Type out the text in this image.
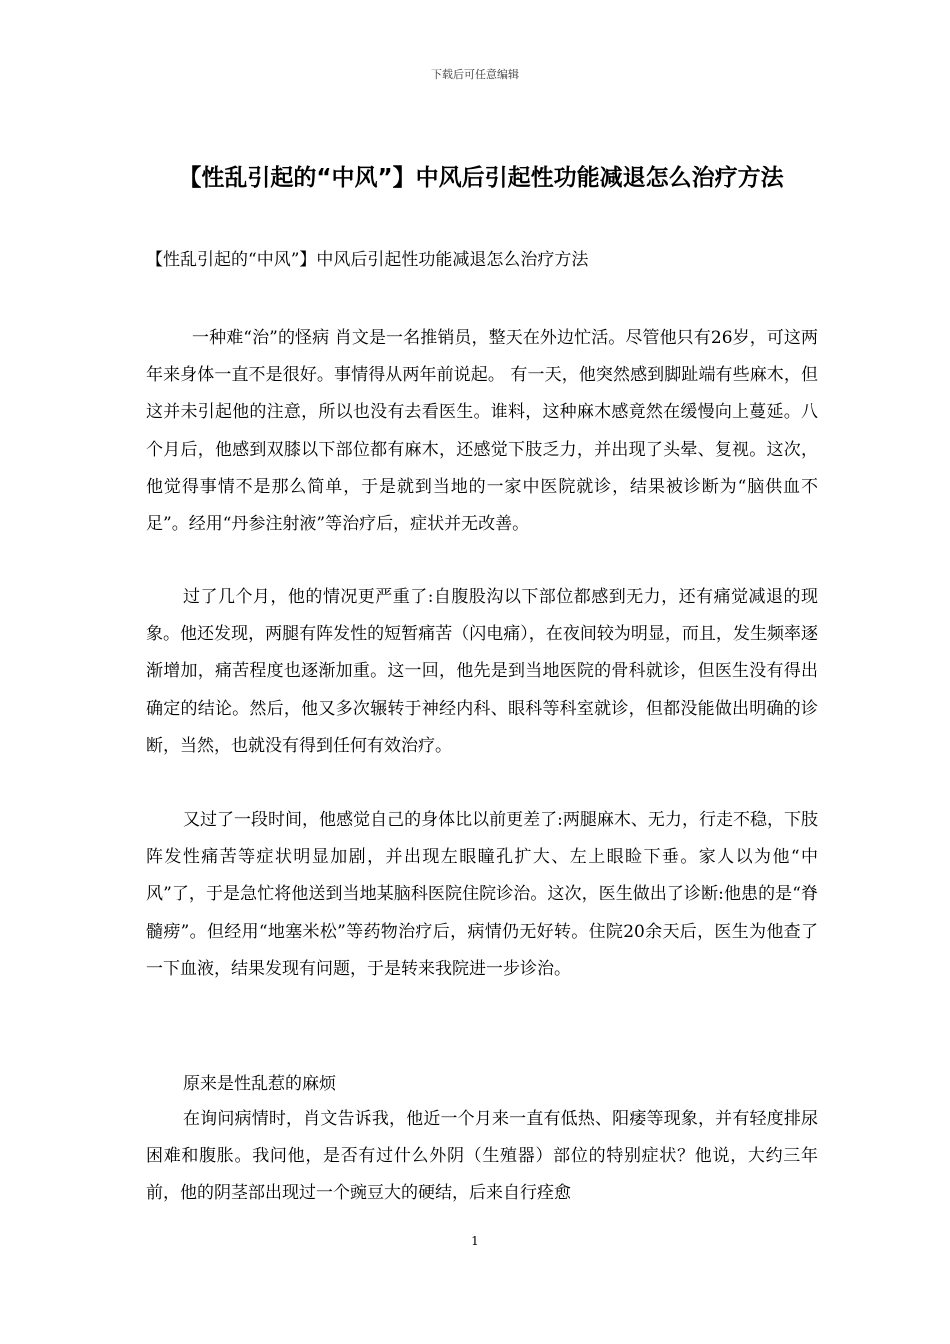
下载后可任意编辑
【性乱引起的“中风”】中风后引起性功能减退怎么治疗方法
【性乱引起的“中风”】中风后引起性功能减退怎么治疗方法
一种难“治”的怪病 肖文是一名推销员，整天在外边忙活。尽管他只有26岁，可这两年来身体一直不是很好。事情得从两年前说起。 有一天，他突然感到脚趾端有些麻木，但这并未引起他的注意，所以也没有去看医生。谁料，这种麻木感竟然在缓慢向上蔓延。八个月后，他感到双膝以下部位都有麻木，还感觉下肢乏力，并出现了头晕、复视。这次，他觉得事情不是那么简单，于是就到当地的一家中医院就诊，结果被诊断为“脑供血不足”。经用“丹参注射液”等治疗后，症状并无改善。
过了几个月，他的情况更严重了:自腹股沟以下部位都感到无力，还有痛觉减退的现象。他还发现，两腿有阵发性的短暂痛苦（闪电痛），在夜间较为明显，而且，发生频率逐渐增加，痛苦程度也逐渐加重。这一回，他先是到当地医院的骨科就诊，但医生没有得出确定的结论。然后，他又多次辗转于神经内科、眼科等科室就诊，但都没能做出明确的诊断，当然，也就没有得到任何有效治疗。
又过了一段时间，他感觉自己的身体比以前更差了:两腿麻木、无力，行走不稳，下肢阵发性痛苦等症状明显加剧，并出现左眼瞳孔扩大、左上眼睑下垂。家人以为他“中风”了，于是急忙将他送到当地某脑科医院住院诊治。这次，医生做出了诊断:他患的是“脊髓痨”。但经用“地塞米松”等药物治疗后，病情仍无好转。住院20余天后，医生为他查了一下血液，结果发现有问题，于是转来我院进一步诊治。
原来是性乱惹的麻烦
在询问病情时，肖文告诉我，他近一个月来一直有低热、阳痿等现象，并有轻度排尿困难和腹胀。我问他，是否有过什么外阴（生殖器）部位的特别症状？他说，大约三年前，他的阴茎部出现过一个豌豆大的硬结，后来自行痊愈
1
